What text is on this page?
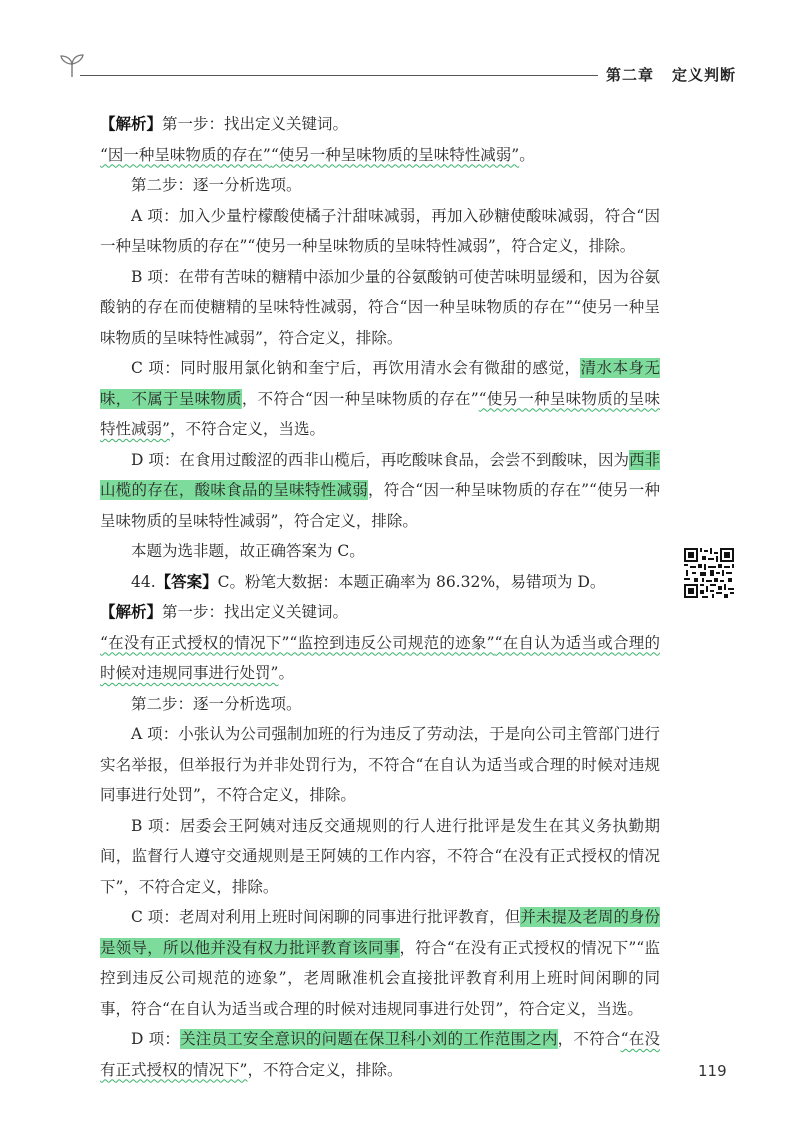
第二章 定义判断

【解析】第一步：找出定义关键词。

“因一种呈味物质的存在”“使另一种呈味物质的呈味特性减弱”。

第二步：逐一分析选项。

A 项：加入少量柠檬酸使橘子汁甜味减弱，再加入砂糖使酸味减弱，符合“因一种呈味物质的存在”“使另一种呈味物质的呈味特性减弱”，符合定义，排除。

B 项：在带有苦味的糖精中添加少量的谷氨酸钠可使苦味明显缓和，因为谷氨酸钠的存在而使糖精的呈味特性减弱，符合“因一种呈味物质的存在”“使另一种呈味物质的呈味特性减弱”，符合定义，排除。

C 项：同时服用氯化钠和奎宁后，再饮用清水会有微甜的感觉，清水本身无味，不属于呈味物质，不符合“因一种呈味物质的存在”“使另一种呈味物质的呈味特性减弱”，不符合定义，当选。

D 项：在食用过酸涩的西非山榄后，再吃酸味食品，会尝不到酸味，因为西非山榄的存在，酸味食品的呈味特性减弱，符合“因一种呈味物质的存在”“使另一种呈味物质的呈味特性减弱”，符合定义，排除。

本题为选非题，故正确答案为 C。

44.【答案】C。粉笔大数据：本题正确率为 86.32%，易错项为 D。

【解析】第一步：找出定义关键词。

“在没有正式授权的情况下”“监控到违反公司规范的迹象”“在自认为适当或合理的时候对违规同事进行处罚”。

第二步：逐一分析选项。

A 项：小张认为公司强制加班的行为违反了劳动法，于是向公司主管部门进行实名举报，但举报行为并非处罚行为，不符合“在自认为适当或合理的时候对违规同事进行处罚”，不符合定义，排除。

B 项：居委会王阿姨对违反交通规则的行人进行批评是发生在其义务执勤期间，监督行人遵守交通规则是王阿姨的工作内容，不符合“在没有正式授权的情况下”，不符合定义，排除。

C 项：老周对利用上班时间闲聊的同事进行批评教育，但并未提及老周的身份是领导，所以他并没有权力批评教育该同事，符合“在没有正式授权的情况下”“监控到违反公司规范的迹象”，老周瞅准机会直接批评教育利用上班时间闲聊的同事，符合“在自认为适当或合理的时候对违规同事进行处罚”，符合定义，当选。

D 项：关注员工安全意识的问题在保卫科小刘的工作范围之内，不符合“在没有正式授权的情况下”，不符合定义，排除。	119
